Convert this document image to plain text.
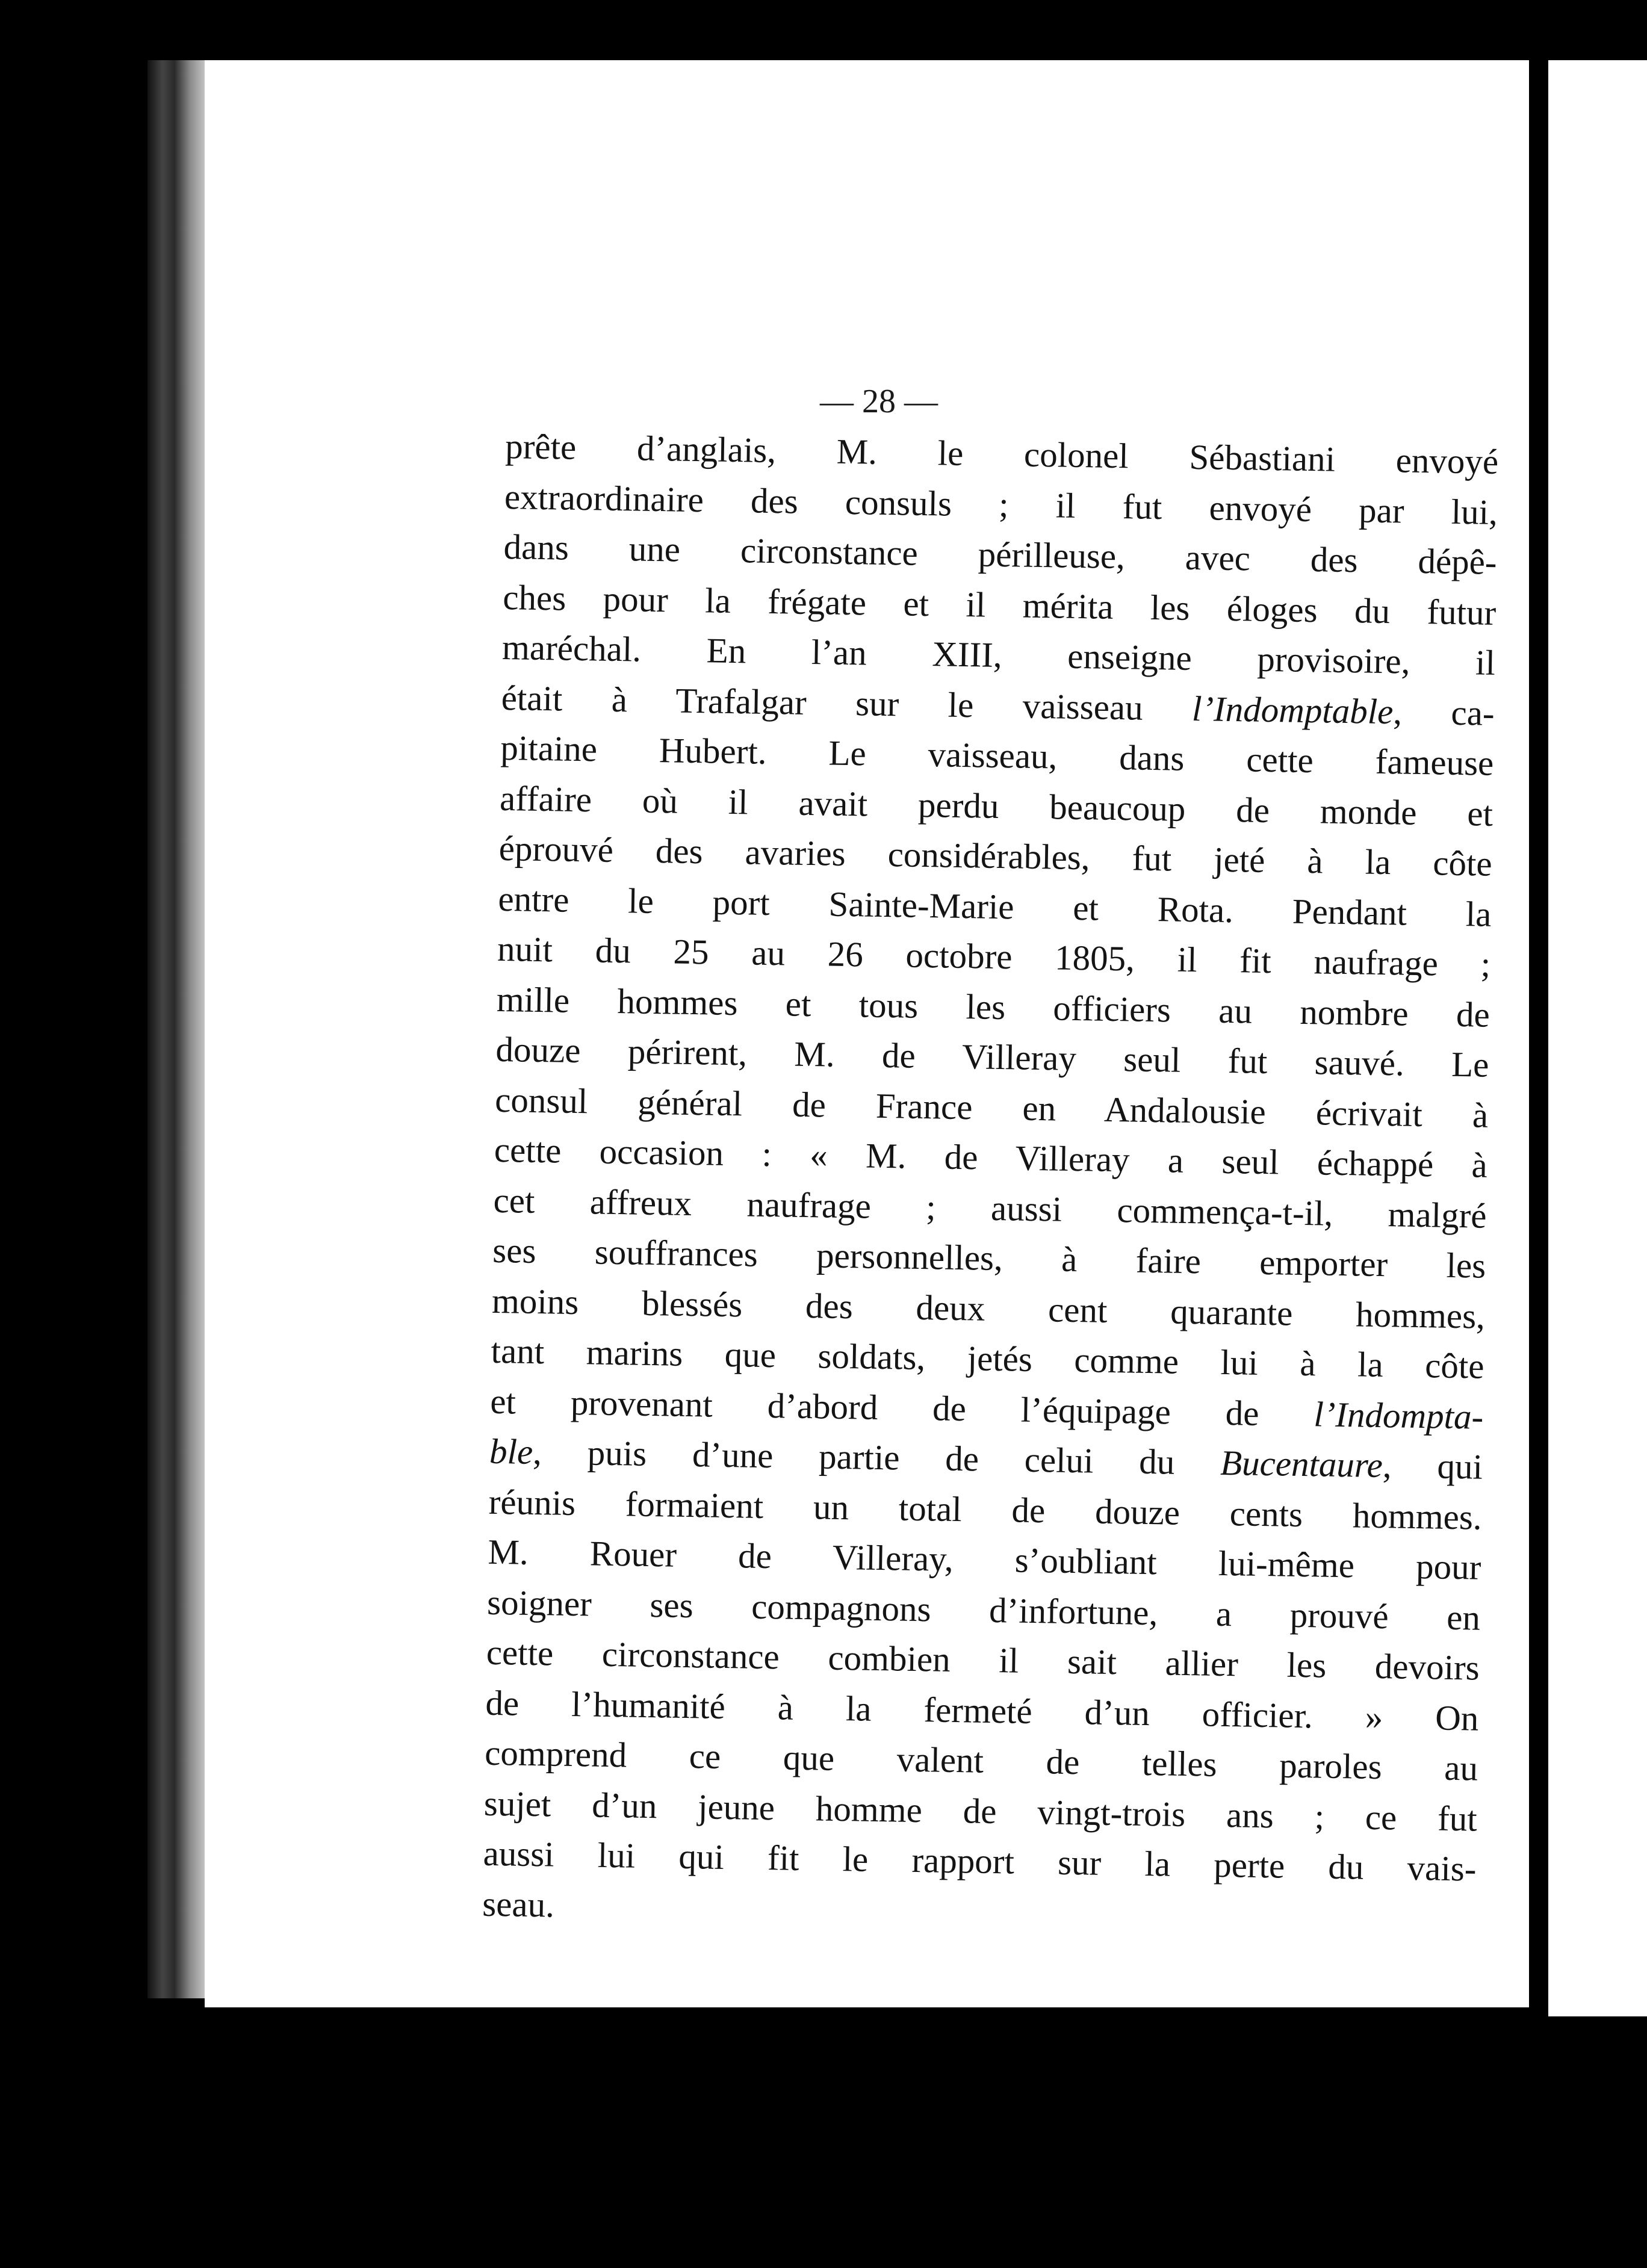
— 28 —

prête d’anglais, M. le colonel Sébastiani envoyé
extraordinaire des consuls ; il fut envoyé par lui,
dans une circonstance périlleuse, avec des dépê-
ches pour la frégate et il mérita les éloges du futur
maréchal. En l’an XIII, enseigne provisoire, il
était à Trafalgar sur le vaisseau l’Indomptable, ca-
pitaine Hubert. Le vaisseau, dans cette fameuse
affaire où il avait perdu beaucoup de monde et
éprouvé des avaries considérables, fut jeté à la côte
entre le port Sainte-Marie et Rota. Pendant la
nuit du 25 au 26 octobre 1805, il fit naufrage ;
mille hommes et tous les officiers au nombre de
douze périrent, M. de Villeray seul fut sauvé. Le
consul général de France en Andalousie écrivait à
cette occasion : « M. de Villeray a seul échappé à
cet affreux naufrage ; aussi commença-t-il, malgré
ses souffrances personnelles, à faire emporter les
moins blessés des deux cent quarante hommes,
tant marins que soldats, jetés comme lui à la côte
et provenant d’abord de l’équipage de l’Indompta-
ble, puis d’une partie de celui du Bucentaure, qui
réunis formaient un total de douze cents hommes.
M. Rouer de Villeray, s’oubliant lui-même pour
soigner ses compagnons d’infortune, a prouvé en
cette circonstance combien il sait allier les devoirs
de l’humanité à la fermeté d’un officier. » On
comprend ce que valent de telles paroles au
sujet d’un jeune homme de vingt-trois ans ; ce fut
aussi lui qui fit le rapport sur la perte du vais-
seau.
